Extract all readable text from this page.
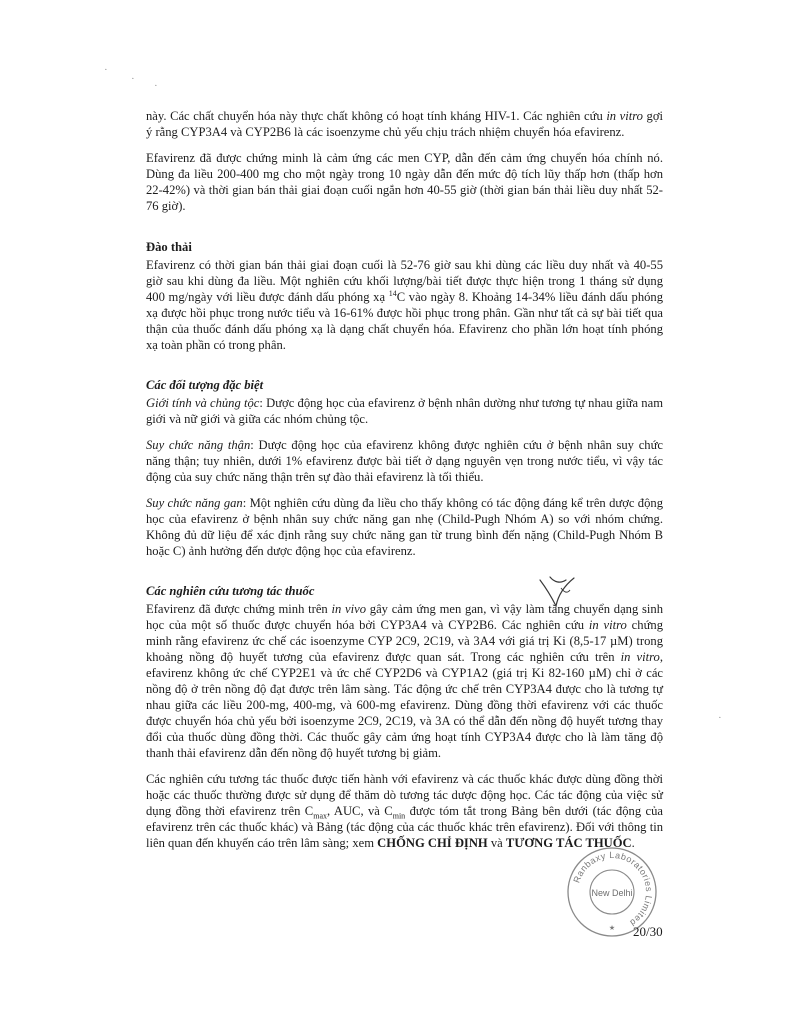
·
·
·
·

này. Các chất chuyển hóa này thực chất không có hoạt tính kháng HIV-1. Các nghiên cứu in vitro gợi ý rằng CYP3A4 và CYP2B6 là các isoenzyme chủ yếu chịu trách nhiệm chuyển hóa efavirenz.

Efavirenz đã được chứng minh là cảm ứng các men CYP, dẫn đến cảm ứng chuyển hóa chính nó. Dùng đa liều 200-400 mg cho một ngày trong 10 ngày dẫn đến mức độ tích lũy thấp hơn (thấp hơn 22-42%) và thời gian bán thải giai đoạn cuối ngắn hơn 40-55 giờ (thời gian bán thải liều duy nhất 52-76 giờ).

Đào thải

Efavirenz có thời gian bán thải giai đoạn cuối là 52-76 giờ sau khi dùng các liều duy nhất và 40-55 giờ sau khi dùng đa liều. Một nghiên cứu khối lượng/bài tiết được thực hiện trong 1 tháng sử dụng 400 mg/ngày với liều được đánh dấu phóng xạ $^{14}$C vào ngày 8. Khoảng 14-34% liều đánh dấu phóng xạ được hồi phục trong nước tiểu và 16-61% được hồi phục trong phân. Gần như tất cả sự bài tiết qua thận của thuốc đánh dấu phóng xạ là dạng chất chuyển hóa. Efavirenz cho phần lớn hoạt tính phóng xạ toàn phần có trong phân.

Các đối tượng đặc biệt

Giới tính và chủng tộc: Dược động học của efavirenz ở bệnh nhân dường như tương tự nhau giữa nam giới và nữ giới và giữa các nhóm chủng tộc.

Suy chức năng thận: Dược động học của efavirenz không được nghiên cứu ở bệnh nhân suy chức năng thận; tuy nhiên, dưới 1% efavirenz được bài tiết ở dạng nguyên vẹn trong nước tiểu, vì vậy tác động của suy chức năng thận trên sự đào thải efavirenz là tối thiểu.

Suy chức năng gan: Một nghiên cứu dùng đa liều cho thấy không có tác động đáng kể trên dược động học của efavirenz ở bệnh nhân suy chức năng gan nhẹ (Child-Pugh Nhóm A) so với nhóm chứng. Không đủ dữ liệu để xác định rằng suy chức năng gan từ trung bình đến nặng (Child-Pugh Nhóm B hoặc C) ảnh hưởng đến dược động học của efavirenz.

Các nghiên cứu tương tác thuốc

Efavirenz đã được chứng minh trên in vivo gây cảm ứng men gan, vì vậy làm tăng chuyển dạng sinh học của một số thuốc được chuyển hóa bởi CYP3A4 và CYP2B6. Các nghiên cứu in vitro chứng minh rằng efavirenz ức chế các isoenzyme CYP 2C9, 2C19, và 3A4 với giá trị Ki (8,5-17 µM) trong khoảng nồng độ huyết tương của efavirenz được quan sát. Trong các nghiên cứu trên in vitro, efavirenz không ức chế CYP2E1 và ức chế CYP2D6 và CYP1A2 (giá trị Ki 82-160 µM) chỉ ở các nồng độ ở trên nồng độ đạt được trên lâm sàng. Tác động ức chế trên CYP3A4 được cho là tương tự nhau giữa các liều 200-mg, 400-mg, và 600-mg efavirenz. Dùng đồng thời efavirenz với các thuốc được chuyển hóa chủ yếu bởi isoenzyme 2C9, 2C19, và 3A có thể dẫn đến nồng độ huyết tương thay đổi của thuốc dùng đồng thời. Các thuốc gây cảm ứng hoạt tính CYP3A4 được cho là làm tăng độ thanh thải efavirenz dẫn đến nồng độ huyết tương bị giảm.

Các nghiên cứu tương tác thuốc được tiến hành với efavirenz và các thuốc khác được dùng đồng thời hoặc các thuốc thường được sử dụng để thăm dò tương tác dược động học. Các tác động của việc sử dụng đồng thời efavirenz trên $C_{max}$, AUC, và $C_{min}$ được tóm tắt trong Bảng bên dưới (tác động của efavirenz trên các thuốc khác) và Bảng (tác động của các thuốc khác trên efavirenz). Đối với thông tin liên quan đến khuyến cáo trên lâm sàng; xem CHỐNG CHỈ ĐỊNH và TƯƠNG TÁC THUỐC.

Ranbaxy Laboratories Limited
New Delhi
★ 20/30
